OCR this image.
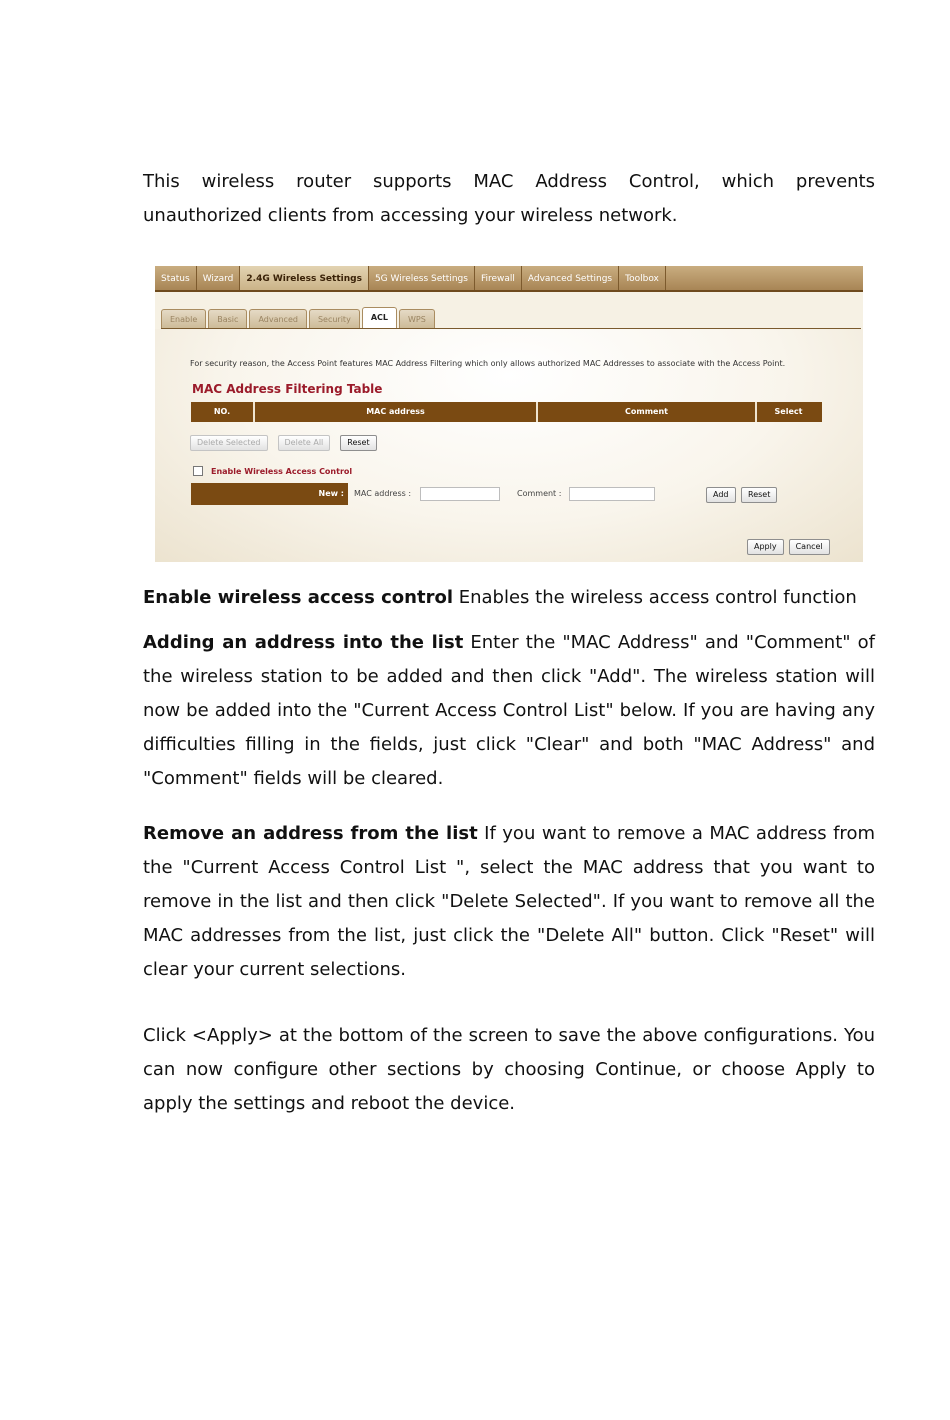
This wireless router supports MAC Address Control, which prevents
unauthorized clients from accessing your wireless network.
Status	Wizard	2.4G Wireless Settings	5G Wireless Settings	Firewall	Advanced Settings	Toolbox
Enable	Basic	Advanced	Security	ACL	WPS
For security reason, the Access Point features MAC Address Filtering which only allows authorized MAC Addresses to associate with the Access Point.
MAC Address Filtering Table
NO.	MAC address	Comment	Select
Delete Selected	Delete All	Reset
Enable Wireless Access Control
New :	MAC address :	Comment :	Add	Reset
Apply	Cancel
Enable wireless access control Enables the wireless access control function
Adding an address into the list Enter the "MAC Address" and "Comment" of the wireless station to be added and then click "Add". The wireless station will now be added into the "Current Access Control List" below. If you are having any difficulties filling in the fields, just click "Clear" and both "MAC Address" and "Comment" fields will be cleared.
Remove an address from the list If you want to remove a MAC address from the "Current Access Control List ", select the MAC address that you want to remove in the list and then click "Delete Selected". If you want to remove all the MAC addresses from the list, just click the "Delete All" button. Click "Reset" will clear your current selections.
Click <Apply> at the bottom of the screen to save the above configurations. You can now configure other sections by choosing Continue, or choose Apply to apply the settings and reboot the device.
